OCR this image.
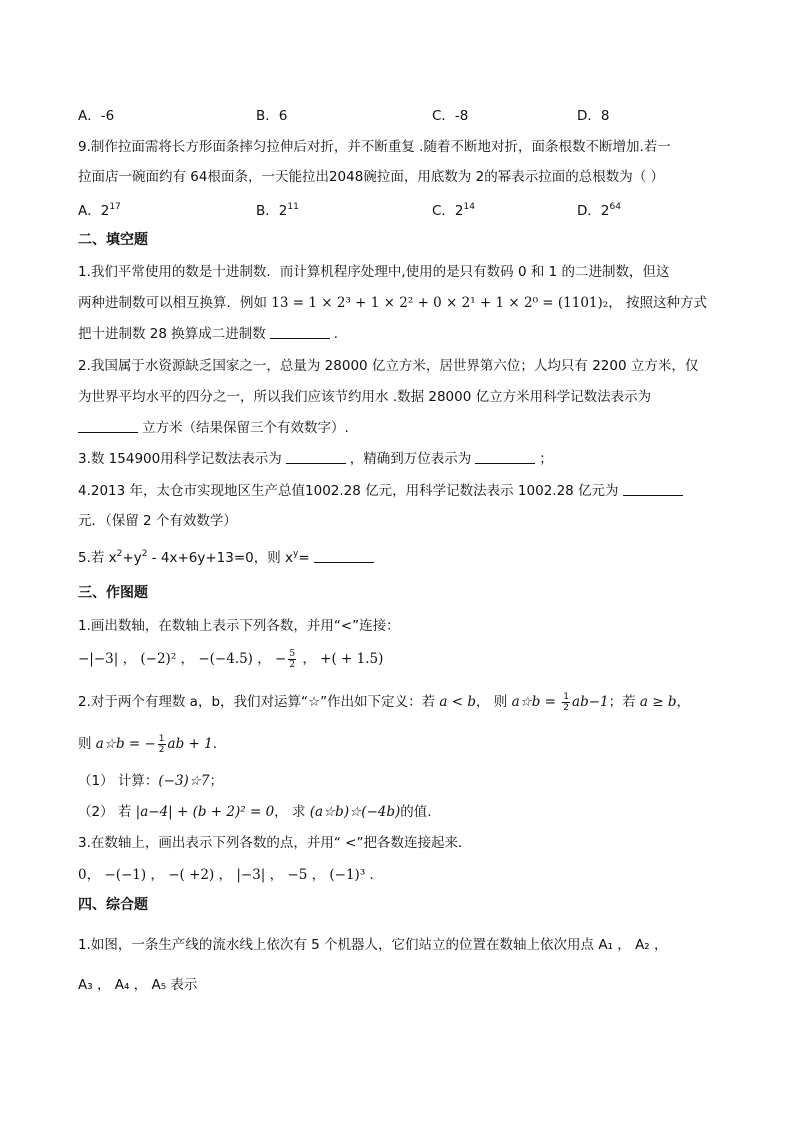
A．-6	B．6	C．-8	D．8
9.制作拉面需将长方形面条摔匀拉伸后对折，并不断重复 .随着不断地对折，面条根数不断增加.若一
拉面店一碗面约有 64根面条，一天能拉出2048碗拉面，用底数为 2的幂表示拉面的总根数为（ ）
A．$2^{17}$	B．$2^{11}$	C．$2^{14}$	D．$2^{64}$
二、填空题
1.我们平常使用的数是十进制数．而计算机程序处理中,使用的是只有数码 0 和 1 的二进制数，但这
两种进制数可以相互换算．例如 13 = 1 × 2³ + 1 × 2² + 0 × 2¹ + 1 × 2⁰ = (1101)₂， 按照这种方式
把十进制数 28 换算成二进制数	．
2.我国属于水资源缺乏国家之一，总量为 28000 亿立方米，居世界第六位；人均只有 2200 立方米，仅
为世界平均水平的四分之一，所以我们应该节约用水 .数据 28000 亿立方米用科学记数法表示为
立方米（结果保留三个有效数字）.
3.数 154900用科学记数法表示为	，精确到万位表示为	；
4.2013 年，太仓市实现地区生产总值1002.28 亿元，用科学记数法表示 1002.28 亿元为
元．（保留 2 个有效数学）
5.若 $x^2+y^2 - 4x+6y+13=0$，则 $x^y=$
三、作图题
1.画出数轴，在数轴上表示下列各数，并用“<”连接：
−|−3| ， (−2)² ， −(−4.5) ， − $\frac{5}{2}$ ， +( + 1.5)
2.对于两个有理数 a，b，我们对运算“☆”作出如下定义：若 a < b， 则 a☆b = $\frac{1}{2} ab-1$；若 a ≥ b，
则 a☆b = − $\frac{1}{2}$ ab + 1．
（1） 计算：(−3)☆7；
（2） 若 |a−4| + (b + 2)² = 0， 求 (a☆b)☆(−4b)的值.
3.在数轴上，画出表示下列各数的点，并用“ <”把各数连接起来．
0， −(−1) ， −( +2) ， |−3| ， −5 ， (−1)³ ．
四、综合题
1.如图，一条生产线的流水线上依次有 5 个机器人，它们站立的位置在数轴上依次用点 A₁ ， A₂ ，
A₃ ， A₄ ， A₅ 表示
